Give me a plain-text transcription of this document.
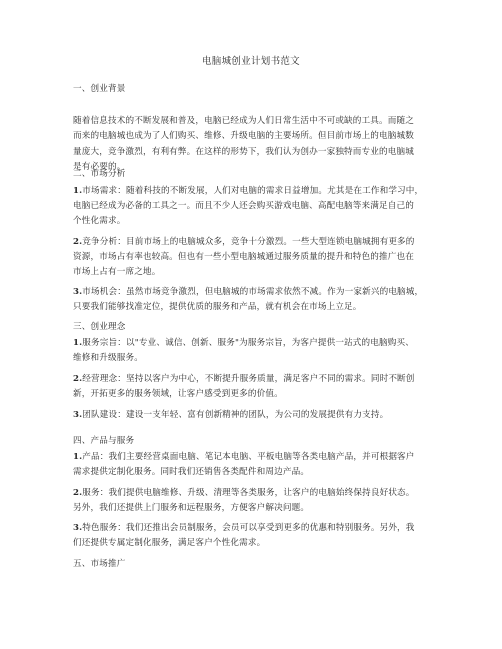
电脑城创业计划书范文
一、创业背景

随着信息技术的不断发展和普及，电脑已经成为人们日常生活中不可或缺的工具。而随之
而来的电脑城也成为了人们购买、维修、升级电脑的主要场所。但目前市场上的电脑城数
量庞大，竞争激烈，有利有弊。在这样的形势下，我们认为创办一家独特而专业的电脑城
是有必要的。

二、市场分析
1.市场需求：随着科技的不断发展，人们对电脑的需求日益增加。尤其是在工作和学习中，
电脑已经成为必备的工具之一。而且不少人还会购买游戏电脑、高配电脑等来满足自己的
个性化需求。
2.竞争分析：目前市场上的电脑城众多，竞争十分激烈。一些大型连锁电脑城拥有更多的
资源，市场占有率也较高。但也有一些小型电脑城通过服务质量的提升和特色的推广也在
市场上占有一席之地。
3.市场机会：虽然市场竞争激烈，但电脑城的市场需求依然不减。作为一家新兴的电脑城，
只要我们能够找准定位，提供优质的服务和产品，就有机会在市场上立足。
三、创业理念
1.服务宗旨：以"专业、诚信、创新、服务"为服务宗旨，为客户提供一站式的电脑购买、
维修和升级服务。
2.经营理念：坚持以客户为中心，不断提升服务质量，满足客户不同的需求。同时不断创
新，开拓更多的服务领域，让客户感受到更多的价值。
3.团队建设：建设一支年轻、富有创新精神的团队，为公司的发展提供有力支持。
四、产品与服务
1.产品：我们主要经营桌面电脑、笔记本电脑、平板电脑等各类电脑产品，并可根据客户
需求提供定制化服务。同时我们还销售各类配件和周边产品。
2.服务：我们提供电脑维修、升级、清理等各类服务，让客户的电脑始终保持良好状态。
另外，我们还提供上门服务和远程服务，方便客户解决问题。
3.特色服务：我们还推出会员制服务，会员可以享受到更多的优惠和特别服务。另外，我
们还提供专属定制化服务，满足客户个性化需求。
五、市场推广
